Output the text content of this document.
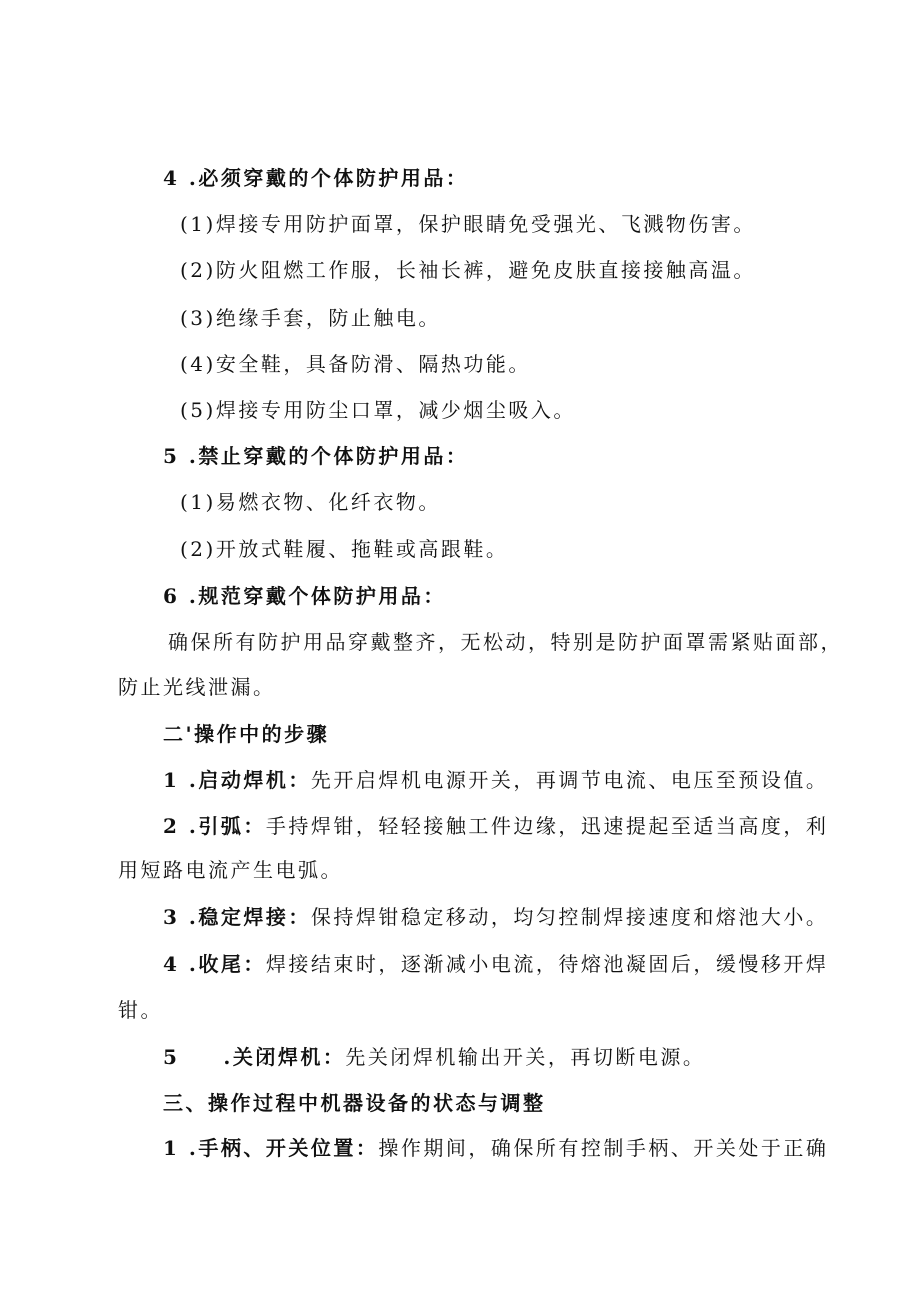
4 .必须穿戴的个体防护用品：
(1)焊接专用防护面罩，保护眼睛免受强光、飞溅物伤害。
(2)防火阻燃工作服，长袖长裤，避免皮肤直接接触高温。
(3)绝缘手套，防止触电。
(4)安全鞋，具备防滑、隔热功能。
(5)焊接专用防尘口罩，减少烟尘吸入。
5 .禁止穿戴的个体防护用品：
(1)易燃衣物、化纤衣物。
(2)开放式鞋履、拖鞋或高跟鞋。
6 .规范穿戴个体防护用品：
确保所有防护用品穿戴整齐，无松动，特别是防护面罩需紧贴面部，
防止光线泄漏。
二'操作中的步骤
1 .启动焊机：先开启焊机电源开关，再调节电流、电压至预设值。
2 .引弧：手持焊钳，轻轻接触工件边缘，迅速提起至适当高度，利
用短路电流产生电弧。
3 .稳定焊接：保持焊钳稳定移动，均匀控制焊接速度和熔池大小。
4 .收尾：焊接结束时，逐渐减小电流，待熔池凝固后，缓慢移开焊
钳。
5 .关闭焊机：先关闭焊机输出开关，再切断电源。
三、操作过程中机器设备的状态与调整
1 .手柄、开关位置：操作期间，确保所有控制手柄、开关处于正确
